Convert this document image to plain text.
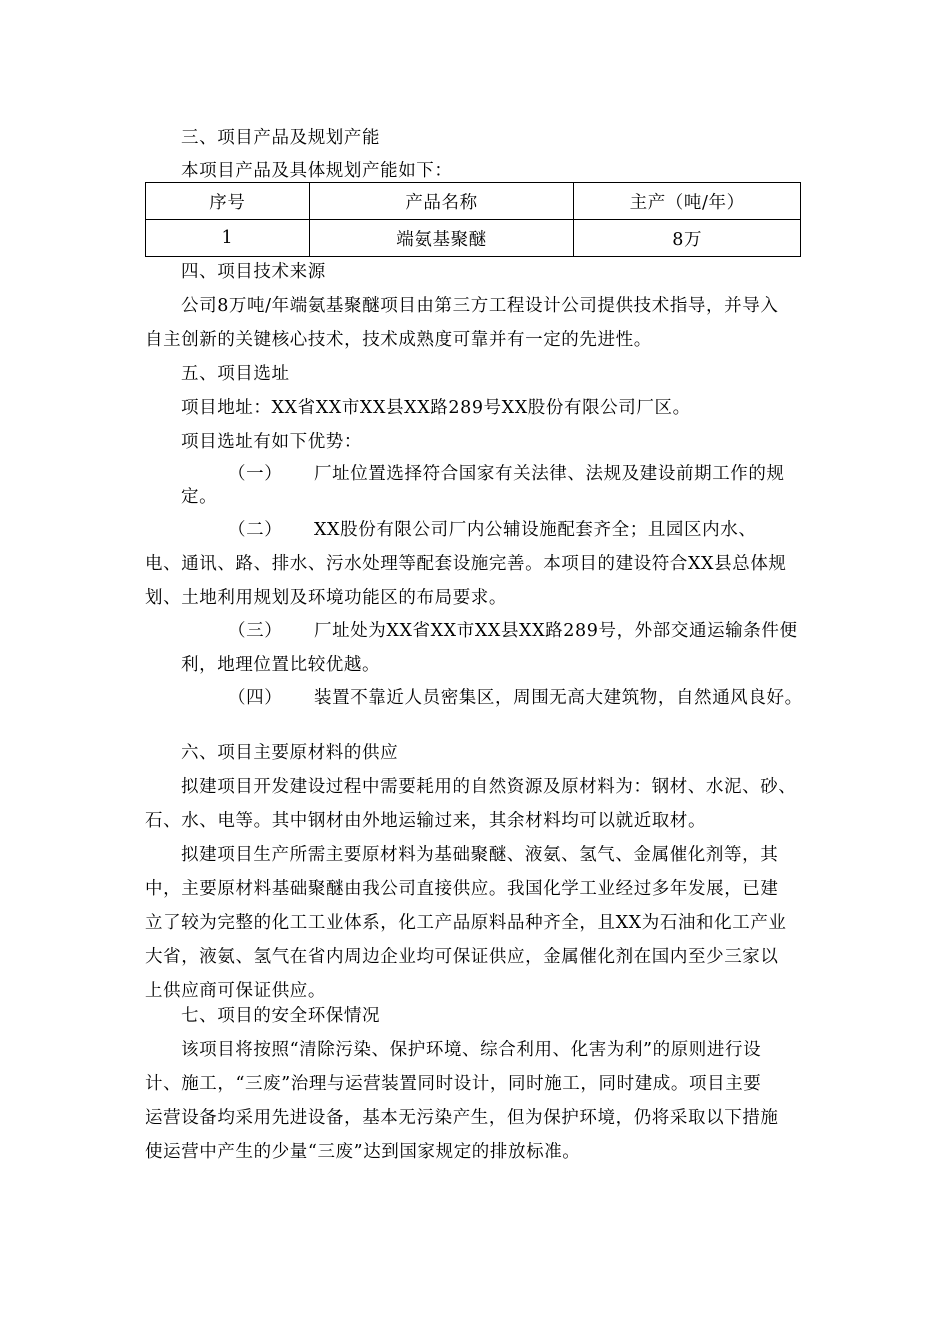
三、项目产品及规划产能
本项目产品及具体规划产能如下：
序号	产品名称	主产（吨/年）
1	端氨基聚醚	8万
四、项目技术来源
公司8万吨/年端氨基聚醚项目由第三方工程设计公司提供技术指导，并导入
自主创新的关键核心技术，技术成熟度可靠并有一定的先进性。
五、项目选址
项目地址：XX省XX市XX县XX路289号XX股份有限公司厂区。
项目选址有如下优势：
（一） 厂址位置选择符合国家有关法律、法规及建设前期工作的规
定。
（二） XX股份有限公司厂内公辅设施配套齐全；且园区内水、
电、通讯、路、排水、污水处理等配套设施完善。本项目的建设符合XX县总体规
划、土地利用规划及环境功能区的布局要求。
（三） 厂址处为XX省XX市XX县XX路289号，外部交通运输条件便
利，地理位置比较优越。
（四） 装置不靠近人员密集区，周围无高大建筑物，自然通风良好。
六、项目主要原材料的供应
拟建项目开发建设过程中需要耗用的自然资源及原材料为：钢材、水泥、砂、
石、水、电等。其中钢材由外地运输过来，其余材料均可以就近取材。
拟建项目生产所需主要原材料为基础聚醚、液氨、氢气、金属催化剂等，其
中，主要原材料基础聚醚由我公司直接供应。我国化学工业经过多年发展，已建
立了较为完整的化工工业体系，化工产品原料品种齐全，且XX为石油和化工产业
大省，液氨、氢气在省内周边企业均可保证供应，金属催化剂在国内至少三家以
上供应商可保证供应。
七、项目的安全环保情况
该项目将按照“清除污染、保护环境、综合利用、化害为利”的原则进行设
计、施工，“三废”治理与运营装置同时设计，同时施工，同时建成。项目主要
运营设备均采用先进设备，基本无污染产生，但为保护环境，仍将采取以下措施
使运营中产生的少量“三废”达到国家规定的排放标准。
